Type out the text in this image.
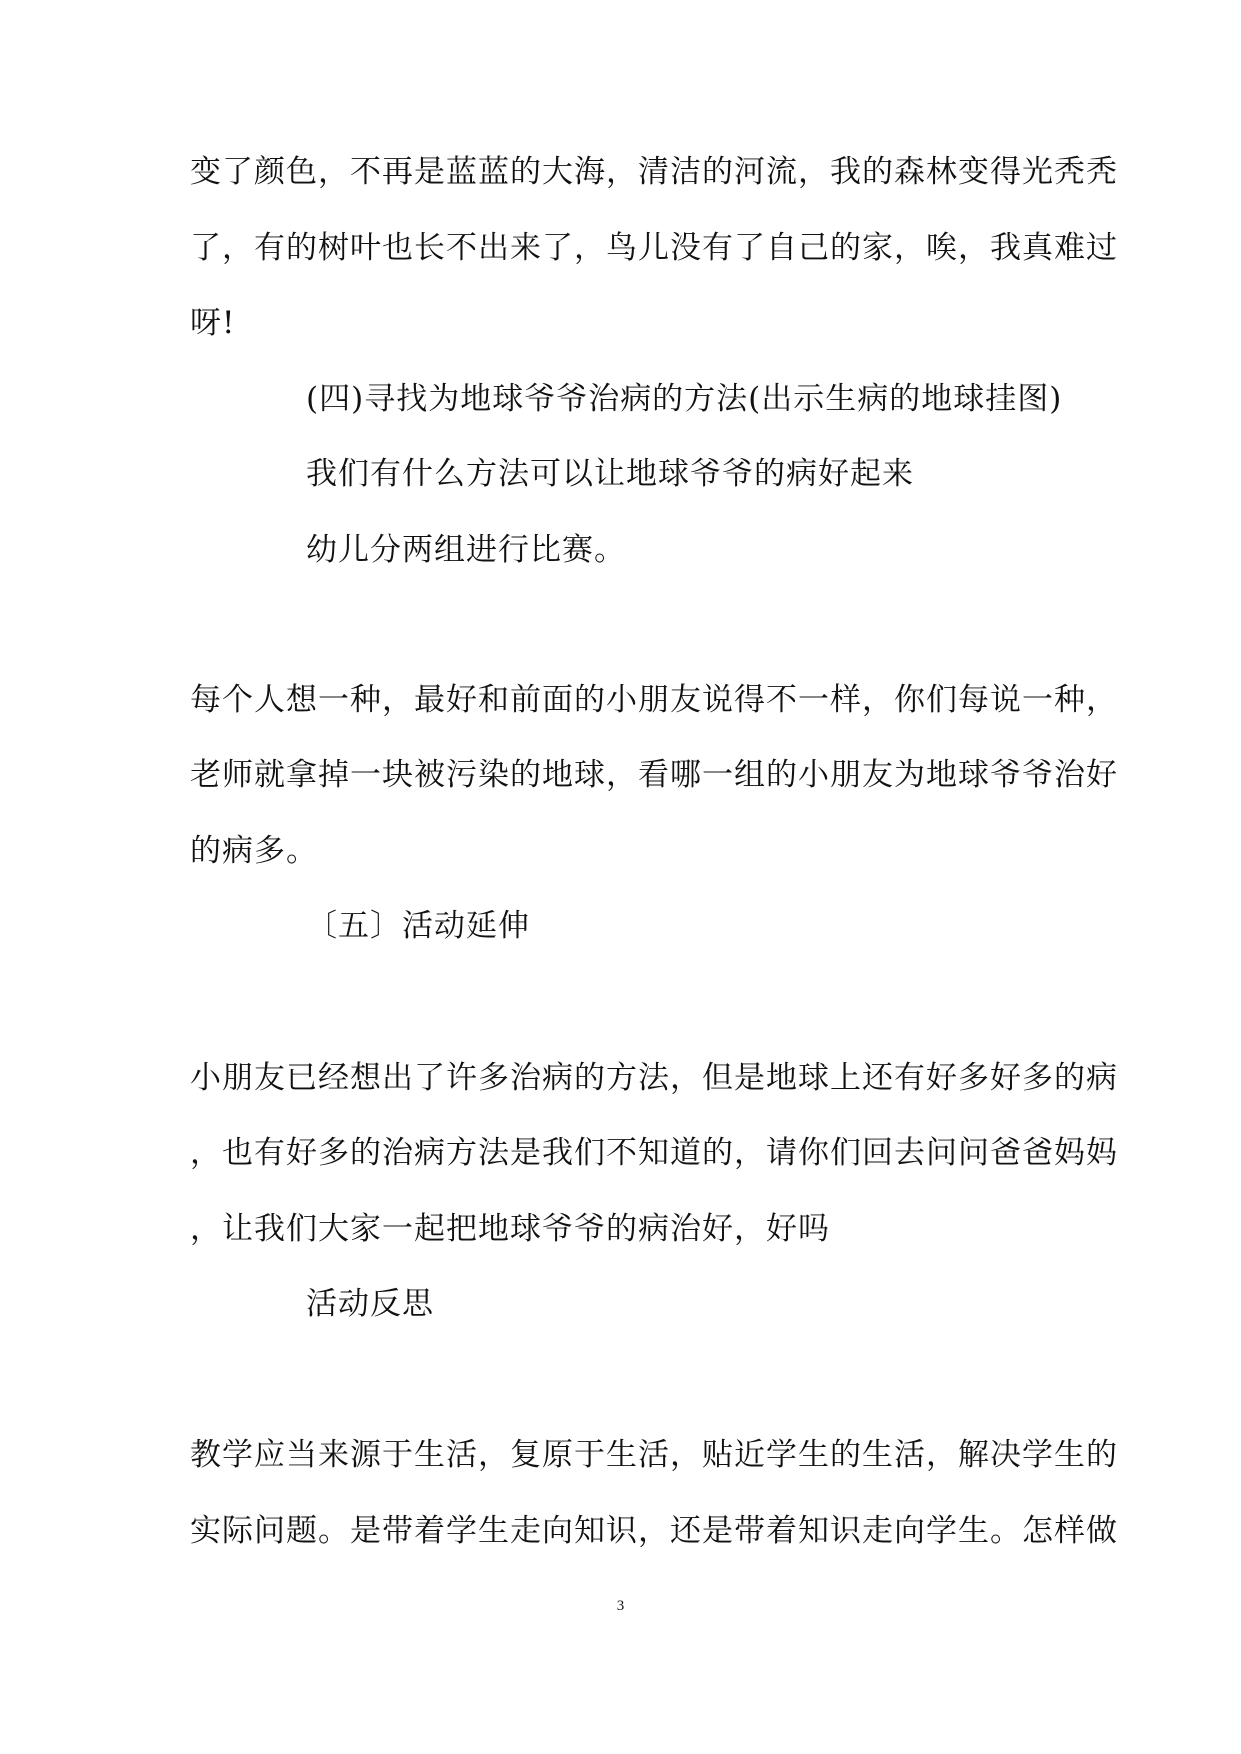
变了颜色，不再是蓝蓝的大海，清洁的河流，我的森林变得光秃秃
了，有的树叶也长不出来了，鸟儿没有了自己的家，唉，我真难过
呀!
(四)寻找为地球爷爷治病的方法(出示生病的地球挂图)
我们有什么方法可以让地球爷爷的病好起来
幼儿分两组进行比赛。
每个人想一种，最好和前面的小朋友说得不一样，你们每说一种，
老师就拿掉一块被污染的地球，看哪一组的小朋友为地球爷爷治好
的病多。
〔五〕活动延伸
小朋友已经想出了许多治病的方法，但是地球上还有好多好多的病
，也有好多的治病方法是我们不知道的，请你们回去问问爸爸妈妈
，让我们大家一起把地球爷爷的病治好，好吗
活动反思
教学应当来源于生活，复原于生活，贴近学生的生活，解决学生的
实际问题。是带着学生走向知识，还是带着知识走向学生。怎样做
3
